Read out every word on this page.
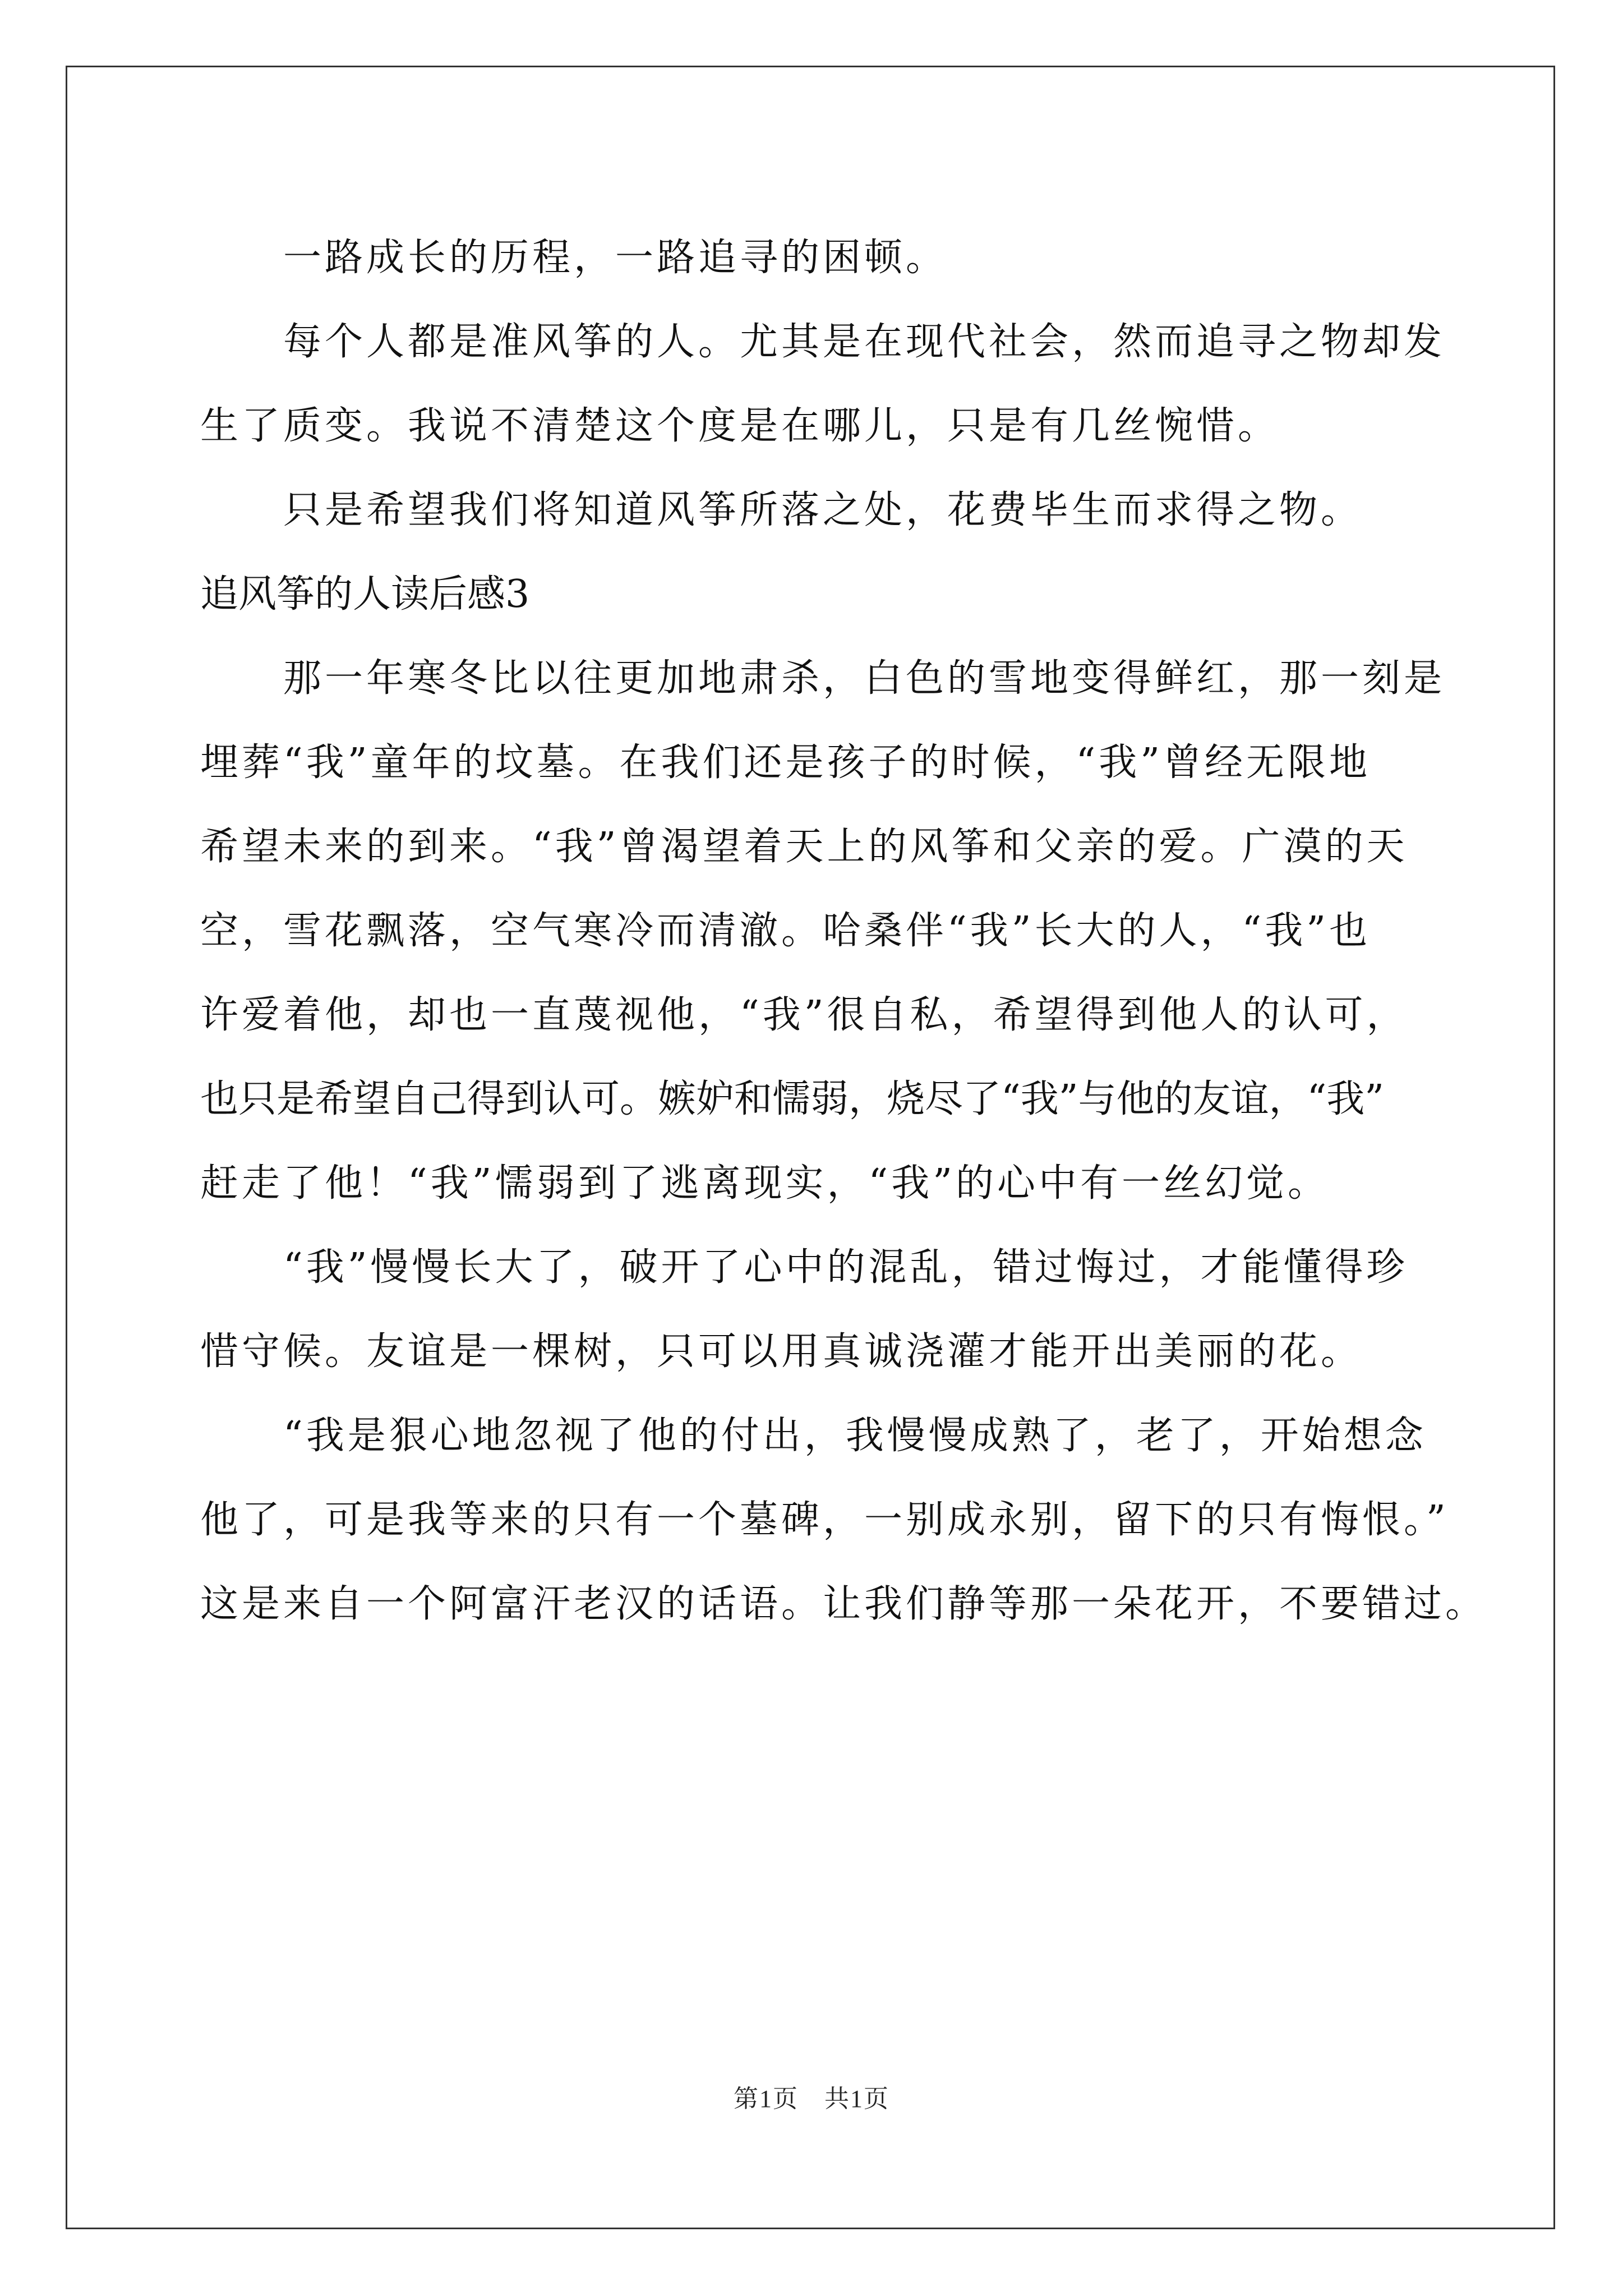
一路成长的历程，一路追寻的困顿。
每个人都是准风筝的人。尤其是在现代社会，然而追寻之物却发
生了质变。我说不清楚这个度是在哪儿，只是有几丝惋惜。
只是希望我们将知道风筝所落之处，花费毕生而求得之物。
追风筝的人读后感3
那一年寒冬比以往更加地肃杀，白色的雪地变得鲜红，那一刻是
埋葬“我”童年的坟墓。在我们还是孩子的时候，“我”曾经无限地
希望未来的到来。“我”曾渴望着天上的风筝和父亲的爱。广漠的天
空，雪花飘落，空气寒冷而清澈。哈桑伴“我”长大的人，“我”也
许爱着他，却也一直蔑视他，“我”很自私，希望得到他人的认可，
也只是希望自己得到认可。嫉妒和懦弱，烧尽了“我”与他的友谊，“我”
赶走了他！“我”懦弱到了逃离现实，“我”的心中有一丝幻觉。
“我”慢慢长大了，破开了心中的混乱，错过悔过，才能懂得珍
惜守候。友谊是一棵树，只可以用真诚浇灌才能开出美丽的花。
“我是狠心地忽视了他的付出，我慢慢成熟了，老了，开始想念
他了，可是我等来的只有一个墓碑，一别成永别，留下的只有悔恨。”
这是来自一个阿富汗老汉的话语。让我们静等那一朵花开，不要错过。
第1页　共1页
